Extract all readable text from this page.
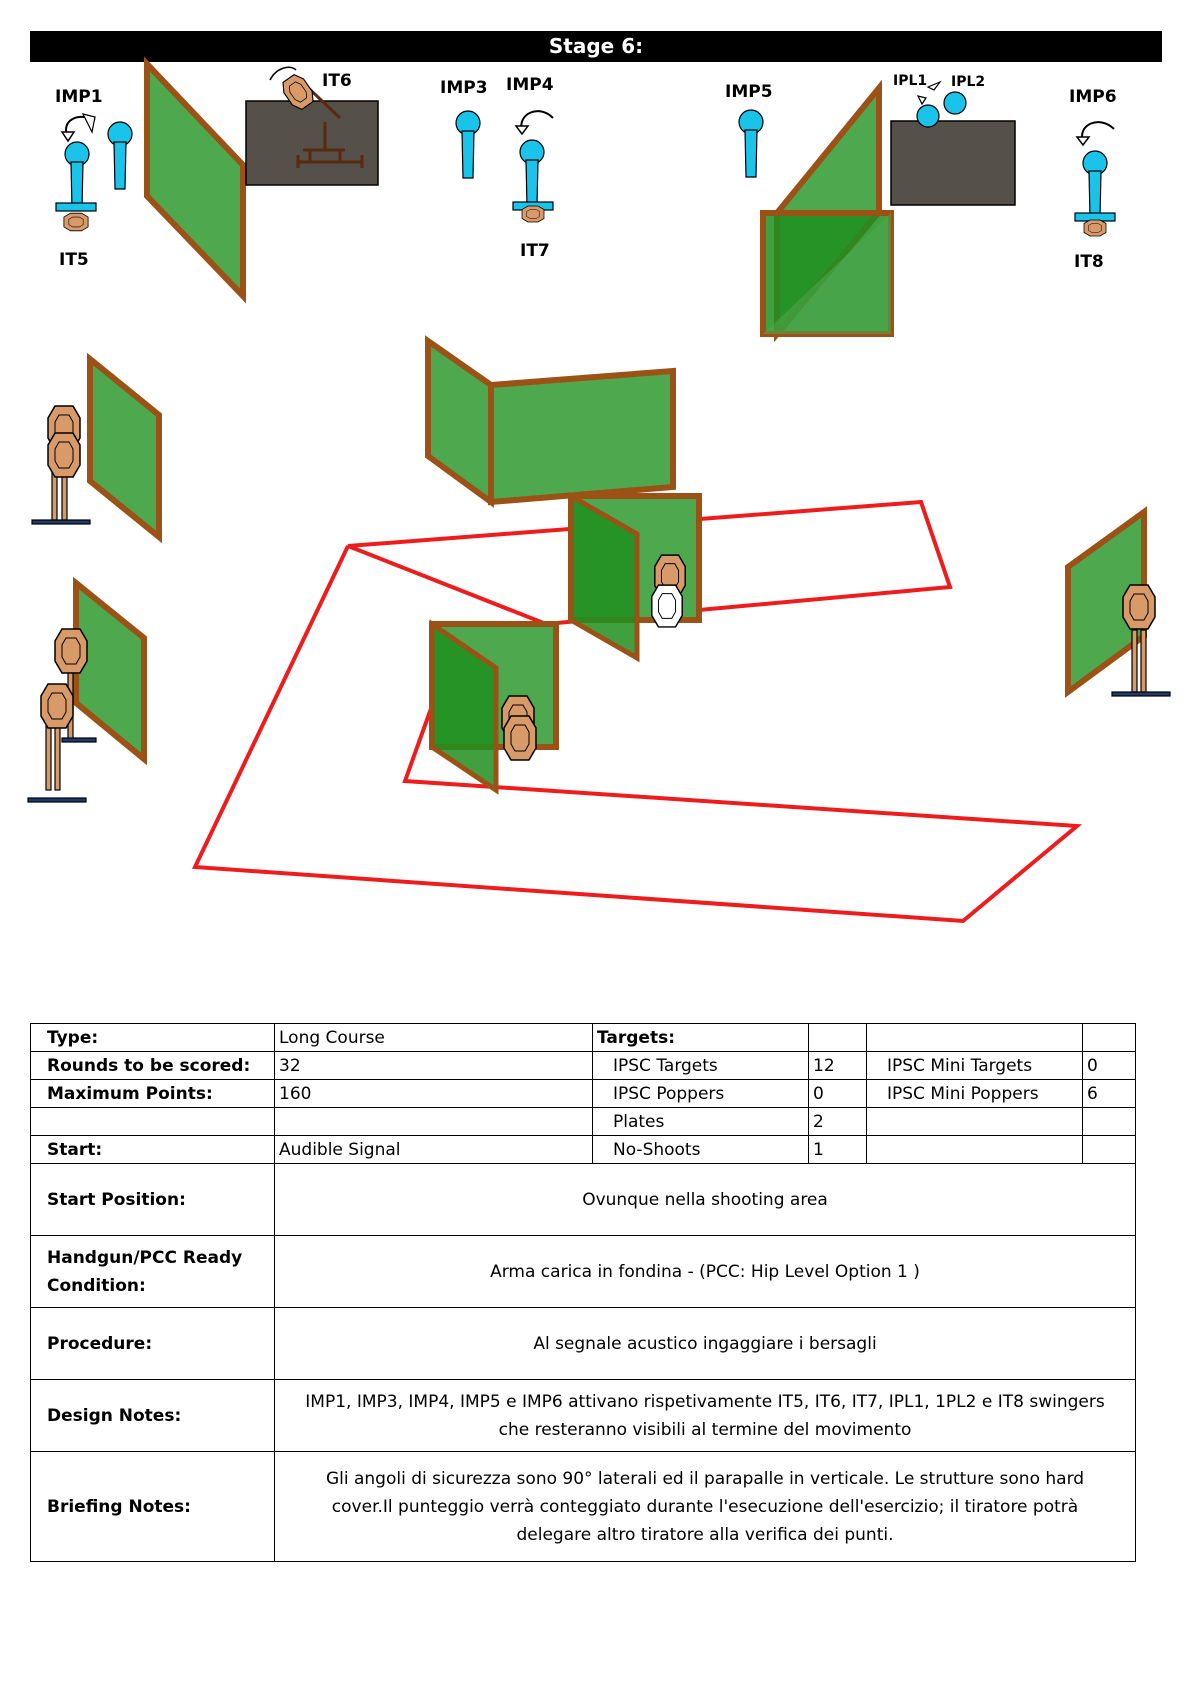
Stage 6:
IMP1
IT5
IT6	IMP3 IMP4
IT7
IMP5
IPL1 IPL2
IMP6
IT8
Type:	Long Course	Targets:			
Rounds to be scored:	32	IPSC Targets	12	IPSC Mini Targets	0
Maximum Points:	160	IPSC Poppers	0	IPSC Mini Poppers	6
		Plates	2		
Start:	Audible Signal	No-Shoots	1		
Start Position:	Ovunque nella shooting area				
Handgun/PCC Ready
Condition:	Arma carica in fondina - (PCC: Hip Level Option 1 )				
Procedure:	Al segnale acustico ingaggiare i bersagli				
Design Notes:	IMP1, IMP3, IMP4, IMP5 e IMP6 attivano rispetivamente IT5, IT6, IT7, IPL1, 1PL2 e IT8 swingers
che resteranno visibili al termine del movimento				
Briefing Notes:	Gli angoli di sicurezza sono 90° laterali ed il parapalle in verticale. Le strutture sono hard
cover.Il punteggio verrà conteggiato durante l'esecuzione dell'esercizio; il tiratore potrà
delegare altro tiratore alla verifica dei punti.				
